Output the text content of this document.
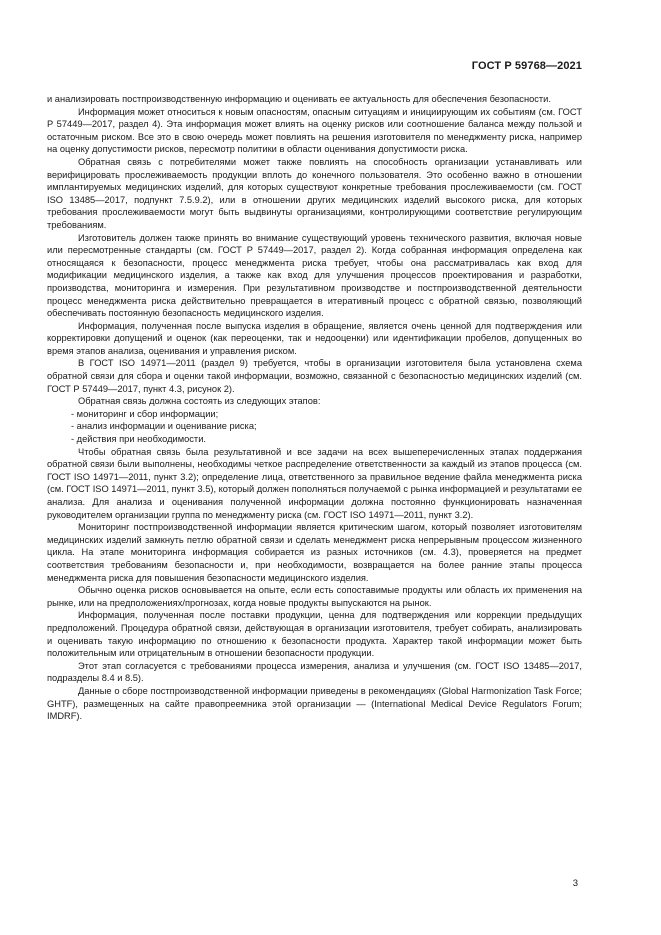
ГОСТ Р 59768—2021

и анализировать постпроизводственную информацию и оценивать ее актуальность для обеспечения безопасности.

Информация может относиться к новым опасностям, опасным ситуациям и инициирующим их событиям (см. ГОСТ Р 57449—2017, раздел 4). Эта информация может влиять на оценку рисков или соотношение баланса между пользой и остаточным риском. Все это в свою очередь может повлиять на решения изготовителя по менеджменту риска, например на оценку допустимости рисков, пересмотр политики в области оценивания допустимости риска.

Обратная связь с потребителями может также повлиять на способность организации устанавливать или верифицировать прослеживаемость продукции вплоть до конечного пользователя. Это особенно важно в отношении имплантируемых медицинских изделий, для которых существуют конкретные требования прослеживаемости (см. ГОСТ ISO 13485—2017, подпункт 7.5.9.2), или в отношении других медицинских изделий высокого риска, для которых требования прослеживаемости могут быть выдвинуты организациями, контролирующими соответствие регулирующим требованиям.

Изготовитель должен также принять во внимание существующий уровень технического развития, включая новые или пересмотренные стандарты (см. ГОСТ Р 57449—2017, раздел 2). Когда собранная информация определена как относящаяся к безопасности, процесс менеджмента риска требует, чтобы она рассматривалась как вход для модификации медицинского изделия, а также как вход для улучшения процессов проектирования и разработки, производства, мониторинга и измерения. При результативном производстве и постпроизводственной деятельности процесс менеджмента риска действительно превращается в итеративный процесс с обратной связью, позволяющий обеспечивать постоянную безопасность медицинского изделия.

Информация, полученная после выпуска изделия в обращение, является очень ценной для подтверждения или корректировки допущений и оценок (как переоценки, так и недооценки) или идентификации пробелов, допущенных во время этапов анализа, оценивания и управления риском.

В ГОСТ ISO 14971—2011 (раздел 9) требуется, чтобы в организации изготовителя была установлена схема обратной связи для сбора и оценки такой информации, возможно, связанной с безопасностью медицинских изделий (см. ГОСТ Р 57449—2017, пункт 4.3, рисунок 2).

Обратная связь должна состоять из следующих этапов:

- мониторинг и сбор информации;

- анализ информации и оценивание риска;

- действия при необходимости.

Чтобы обратная связь была результативной и все задачи на всех вышеперечисленных этапах поддержания обратной связи были выполнены, необходимы четкое распределение ответственности за каждый из этапов процесса (см. ГОСТ ISO 14971—2011, пункт 3.2); определение лица, ответственного за правильное ведение файла менеджмента риска (см. ГОСТ ISO 14971—2011, пункт 3.5), который должен пополняться получаемой с рынка информацией и результатами ее анализа. Для анализа и оценивания полученной информации должна постоянно функционировать назначенная руководителем организации группа по менеджменту риска (см. ГОСТ ISO 14971—2011, пункт 3.2).

Мониторинг постпроизводственной информации является критическим шагом, который позволяет изготовителям медицинских изделий замкнуть петлю обратной связи и сделать менеджмент риска непрерывным процессом жизненного цикла. На этапе мониторинга информация собирается из разных источников (см. 4.3), проверяется на предмет соответствия требованиям безопасности и, при необходимости, возвращается на более ранние этапы процесса менеджмента риска для повышения безопасности медицинского изделия.

Обычно оценка рисков основывается на опыте, если есть сопоставимые продукты или область их применения на рынке, или на предположениях/прогнозах, когда новые продукты выпускаются на рынок.

Информация, полученная после поставки продукции, ценна для подтверждения или коррекции предыдущих предположений. Процедура обратной связи, действующая в организации изготовителя, требует собирать, анализировать и оценивать такую информацию по отношению к безопасности продукта. Характер такой информации может быть положительным или отрицательным в отношении безопасности продукции.

Этот этап согласуется с требованиями процесса измерения, анализа и улучшения (см. ГОСТ ISO 13485—2017, подразделы 8.4 и 8.5).

Данные о сборе постпроизводственной информации приведены в рекомендациях (Global Harmonization Task Force; GHTF), размещенных на сайте правопреемника этой организации — (International Medical Device Regulators Forum; IMDRF).

3
